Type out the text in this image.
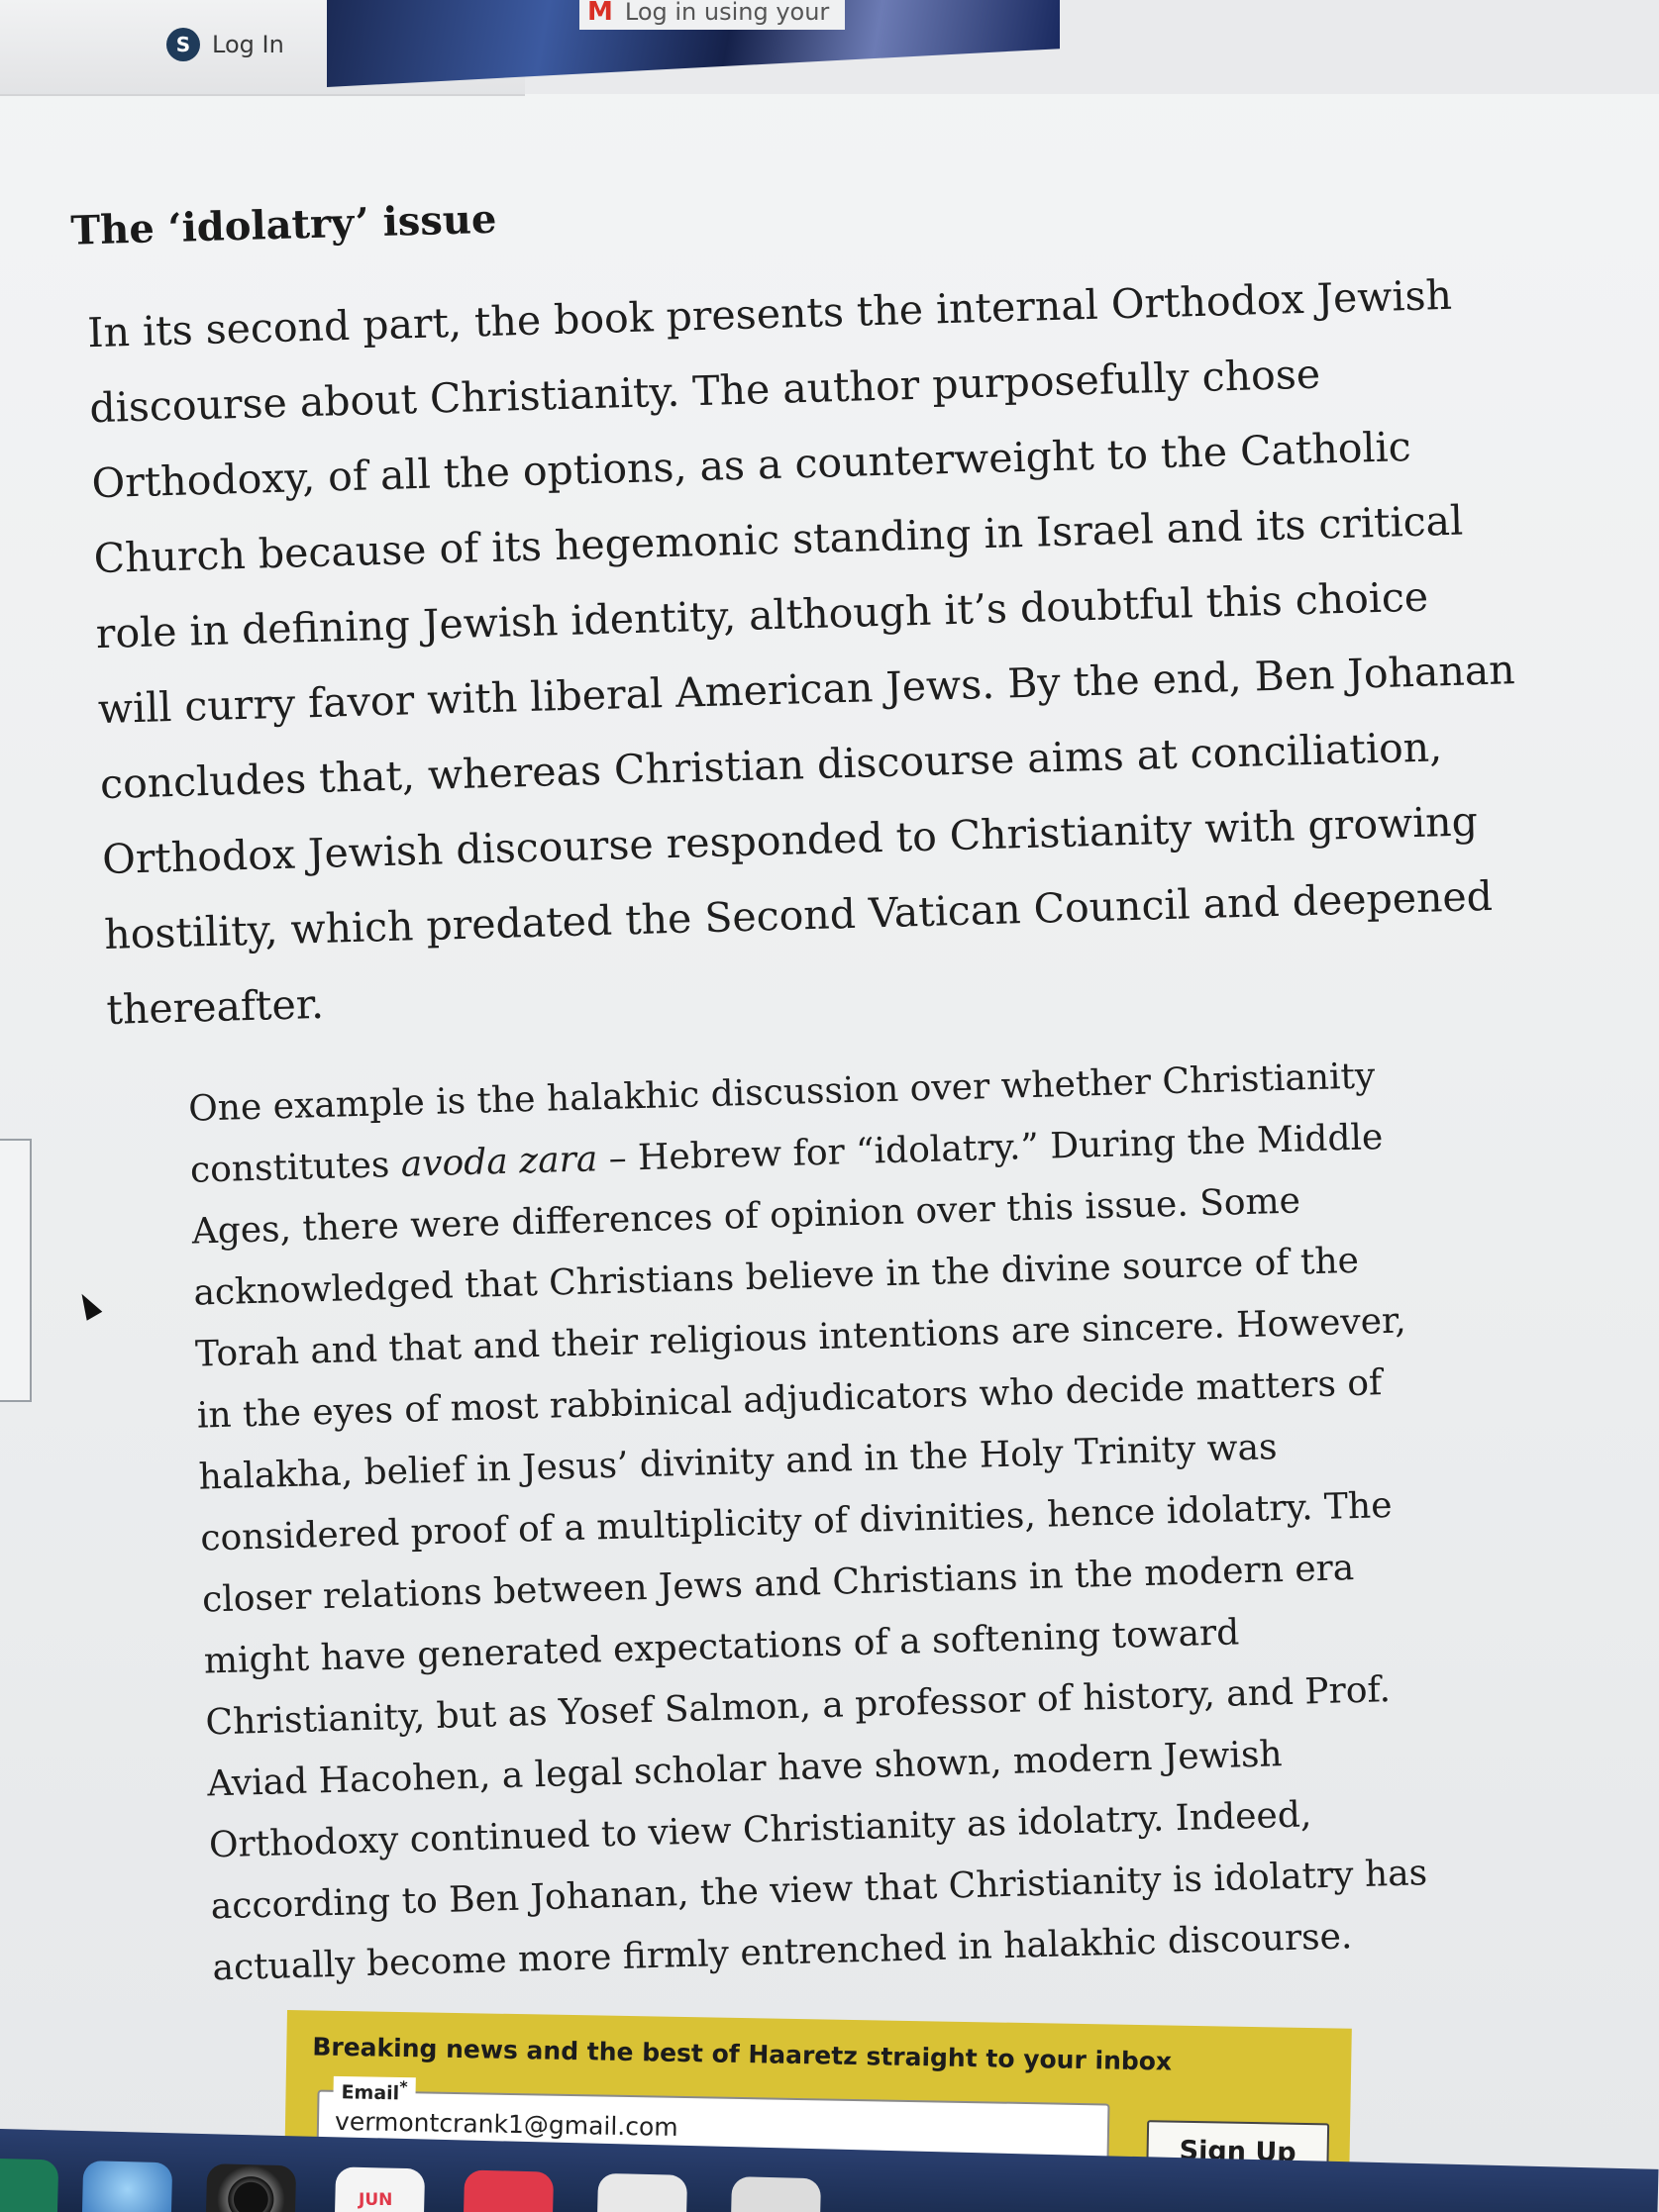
S Log In
M Log in using your
The ‘idolatry’ issue

In its second part, the book presents the internal Orthodox Jewish
discourse about Christianity. The author purposefully chose
Orthodoxy, of all the options, as a counterweight to the Catholic
Church because of its hegemonic standing in Israel and its critical
role in defining Jewish identity, although it’s doubtful this choice
will curry favor with liberal American Jews. By the end, Ben Johanan
concludes that, whereas Christian discourse aims at conciliation,
Orthodox Jewish discourse responded to Christianity with growing
hostility, which predated the Second Vatican Council and deepened
thereafter.

One example is the halakhic discussion over whether Christianity
constitutes avoda zara – Hebrew for “idolatry.” During the Middle
Ages, there were differences of opinion over this issue. Some
acknowledged that Christians believe in the divine source of the
Torah and that and their religious intentions are sincere. However,
in the eyes of most rabbinical adjudicators who decide matters of
halakha, belief in Jesus’ divinity and in the Holy Trinity was
considered proof of a multiplicity of divinities, hence idolatry. The
closer relations between Jews and Christians in the modern era
might have generated expectations of a softening toward
Christianity, but as Yosef Salmon, a professor of history, and Prof.
Aviad Hacohen, a legal scholar have shown, modern Jewish
Orthodoxy continued to view Christianity as idolatry. Indeed,
according to Ben Johanan, the view that Christianity is idolatry has
actually become more firmly entrenched in halakhic discourse.

Breaking news and the best of Haaretz straight to your inbox
Email*
vermontcrank1@gmail.com
Sign Up
JUN
